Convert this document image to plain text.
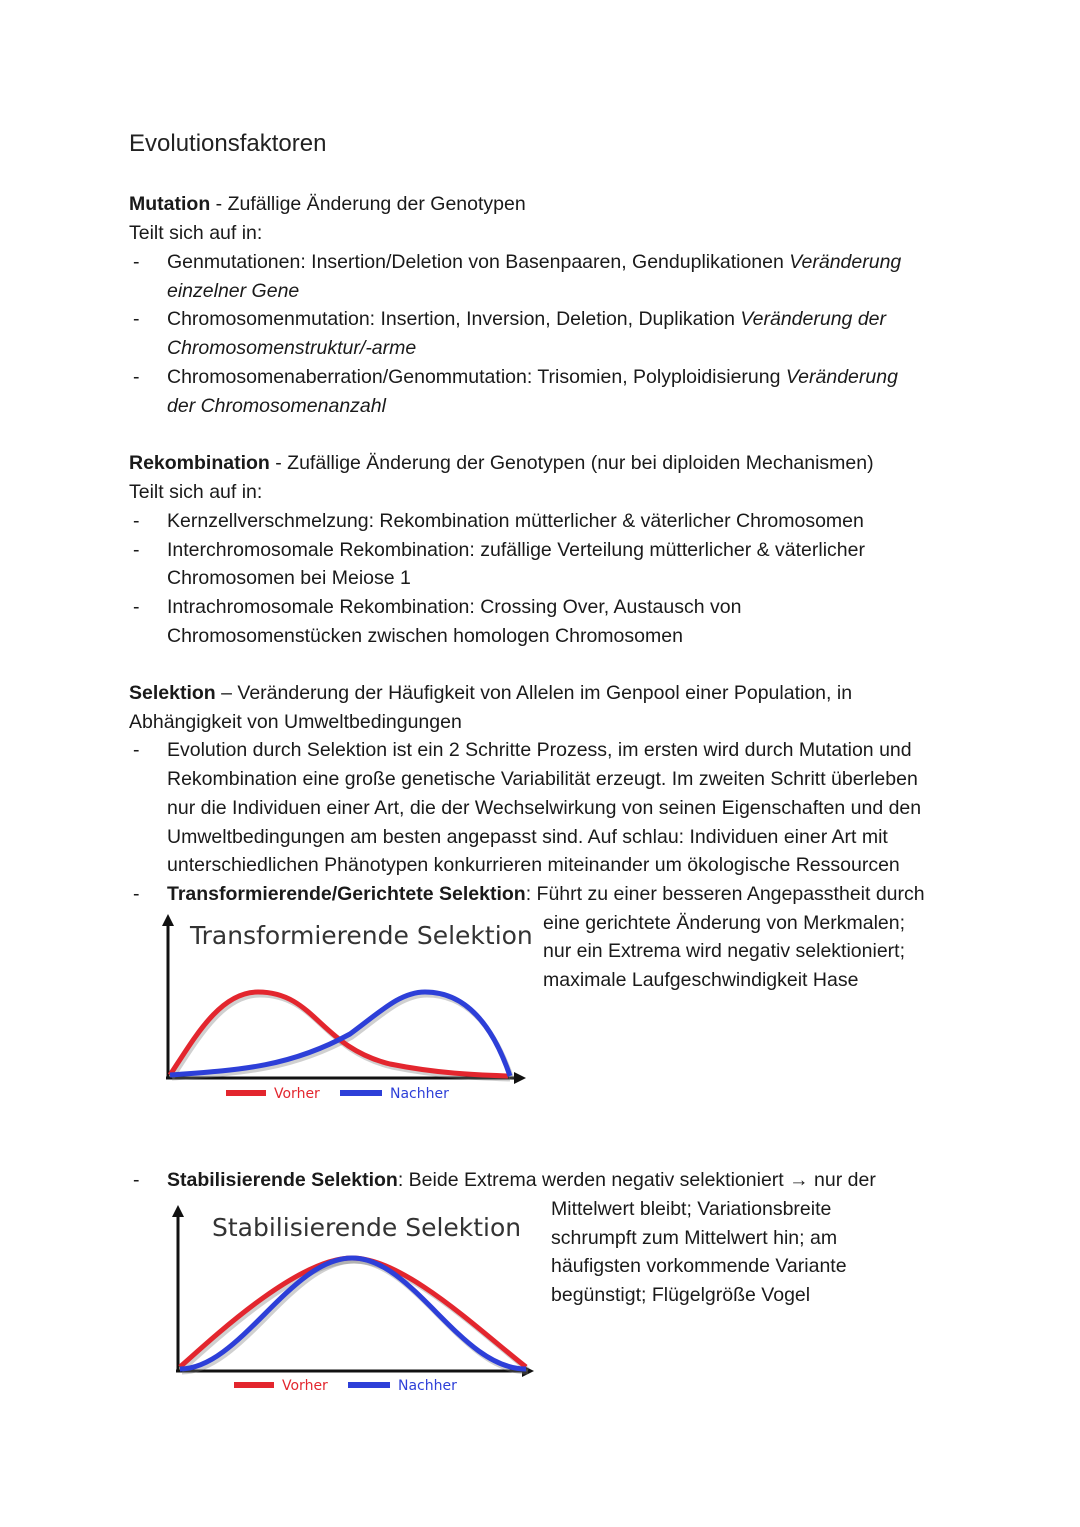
Evolutionsfaktoren
Mutation - Zufällige Änderung der Genotypen
Teilt sich auf in:
- Genmutationen: Insertion/Deletion von Basenpaaren, Genduplikationen Veränderung
einzelner Gene
- Chromosomenmutation: Insertion, Inversion, Deletion, Duplikation Veränderung der
Chromosomenstruktur/-arme
- Chromosomenaberration/Genommutation: Trisomien, Polyploidisierung Veränderung
der Chromosomenanzahl
Rekombination - Zufällige Änderung der Genotypen (nur bei diploiden Mechanismen)
Teilt sich auf in:
- Kernzellverschmelzung: Rekombination mütterlicher & väterlicher Chromosomen
- Interchromosomale Rekombination: zufällige Verteilung mütterlicher & väterlicher
Chromosomen bei Meiose 1
- Intrachromosomale Rekombination: Crossing Over, Austausch von
Chromosomenstücken zwischen homologen Chromosomen
Selektion – Veränderung der Häufigkeit von Allelen im Genpool einer Population, in
Abhängigkeit von Umweltbedingungen
- Evolution durch Selektion ist ein 2 Schritte Prozess, im ersten wird durch Mutation und
Rekombination eine große genetische Variabilität erzeugt. Im zweiten Schritt überleben
nur die Individuen einer Art, die der Wechselwirkung von seinen Eigenschaften und den
Umweltbedingungen am besten angepasst sind. Auf schlau: Individuen einer Art mit
unterschiedlichen Phänotypen konkurrieren miteinander um ökologische Ressourcen
- Transformierende/Gerichtete Selektion: Führt zu einer besseren Angepasstheit durch
eine gerichtete Änderung von Merkmalen;
nur ein Extrema wird negativ selektioniert;
maximale Laufgeschwindigkeit Hase
Transformierende Selektion
Vorher	Nachher
- Stabilisierende Selektion: Beide Extrema werden negativ selektioniert → nur der
Mittelwert bleibt; Variationsbreite
schrumpft zum Mittelwert hin; am
häufigsten vorkommende Variante
begünstigt; Flügelgröße Vogel
Stabilisierende Selektion
Vorher	Nachher
